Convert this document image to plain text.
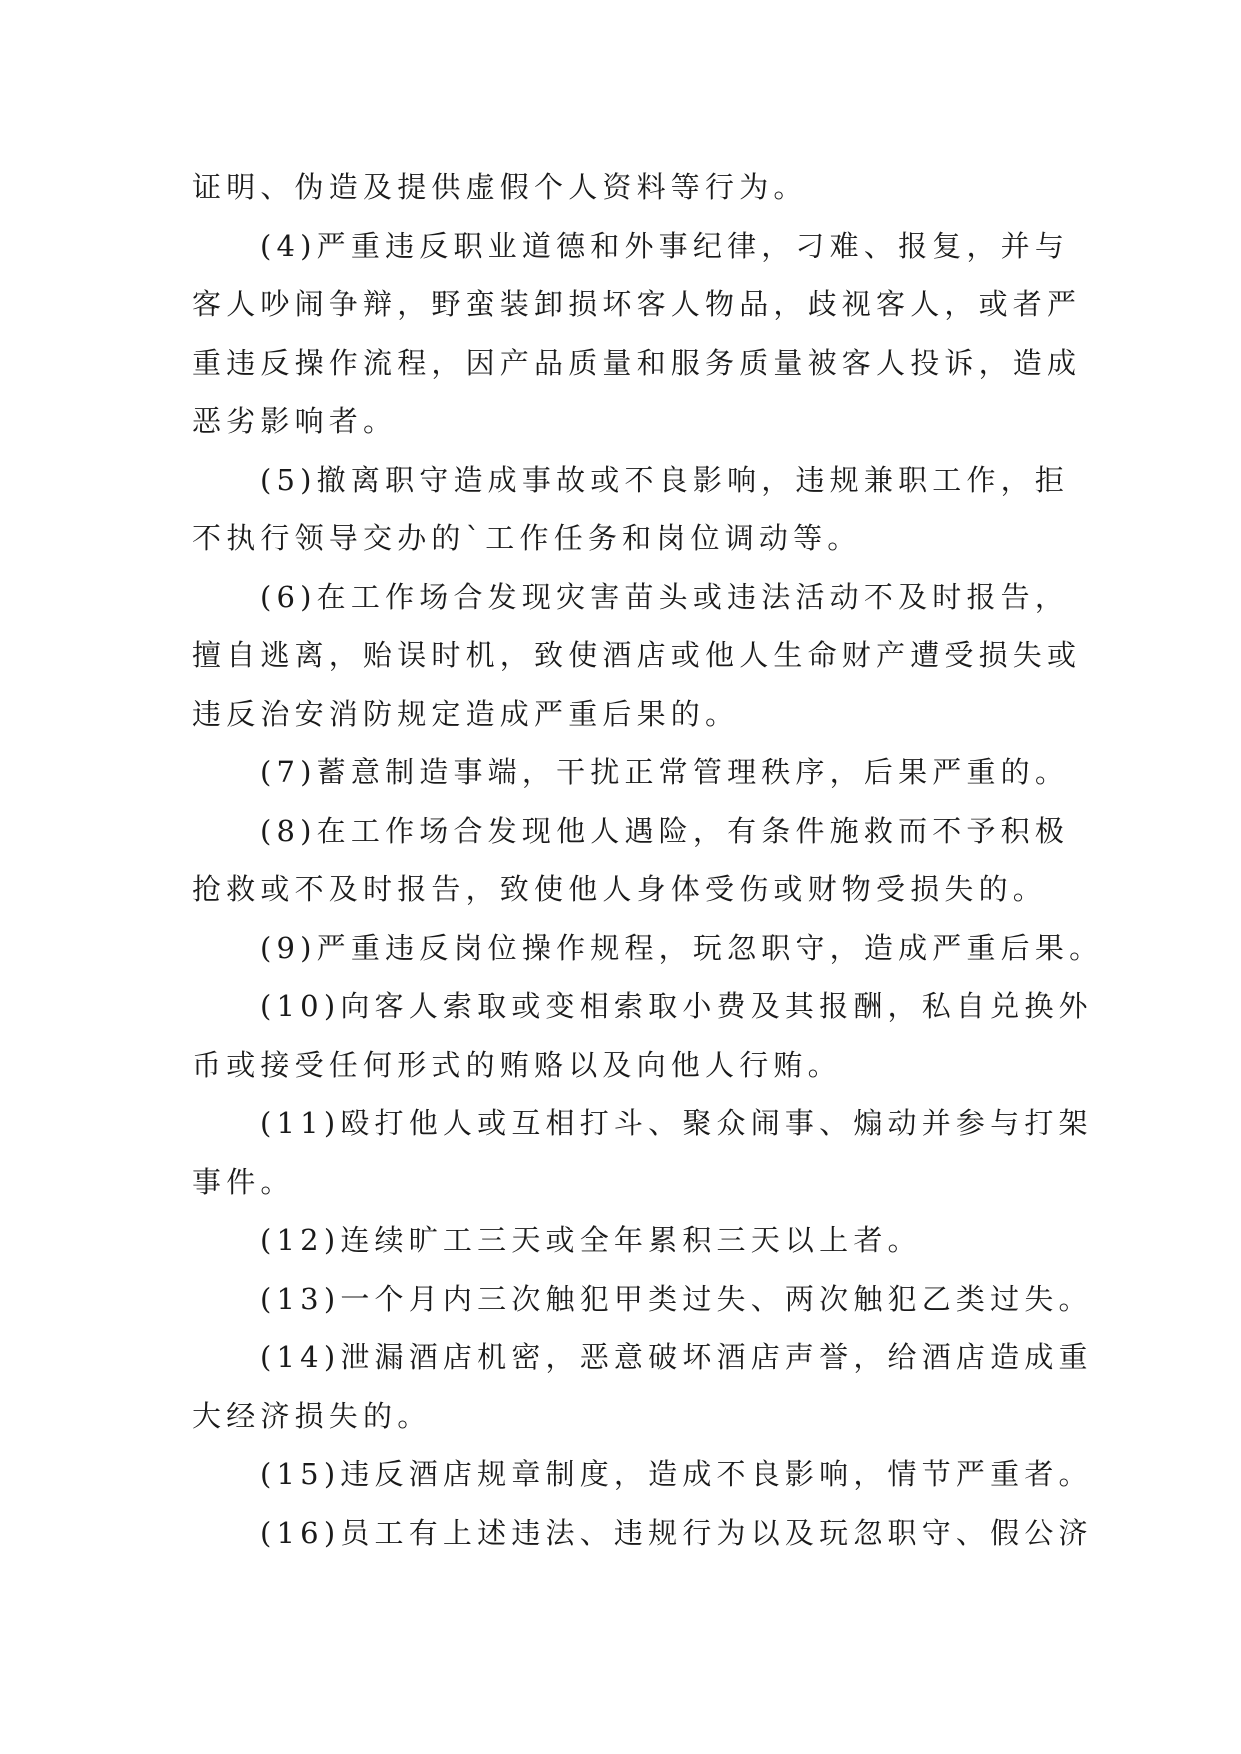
证明、伪造及提供虚假个人资料等行为。
(4)严重违反职业道德和外事纪律，刁难、报复，并与
客人吵闹争辩，野蛮装卸损坏客人物品，歧视客人，或者严
重违反操作流程，因产品质量和服务质量被客人投诉，造成
恶劣影响者。
(5)撤离职守造成事故或不良影响，违规兼职工作，拒
不执行领导交办的`工作任务和岗位调动等。
(6)在工作场合发现灾害苗头或违法活动不及时报告，
擅自逃离，贻误时机，致使酒店或他人生命财产遭受损失或
违反治安消防规定造成严重后果的。
(7)蓄意制造事端，干扰正常管理秩序，后果严重的。
(8)在工作场合发现他人遇险，有条件施救而不予积极
抢救或不及时报告，致使他人身体受伤或财物受损失的。
(9)严重违反岗位操作规程，玩忽职守，造成严重后果。
(10)向客人索取或变相索取小费及其报酬，私自兑换外
币或接受任何形式的贿赂以及向他人行贿。
(11)殴打他人或互相打斗、聚众闹事、煽动并参与打架
事件。
(12)连续旷工三天或全年累积三天以上者。
(13)一个月内三次触犯甲类过失、两次触犯乙类过失。
(14)泄漏酒店机密，恶意破坏酒店声誉，给酒店造成重
大经济损失的。
(15)违反酒店规章制度，造成不良影响，情节严重者。
(16)员工有上述违法、违规行为以及玩忽职守、假公济
